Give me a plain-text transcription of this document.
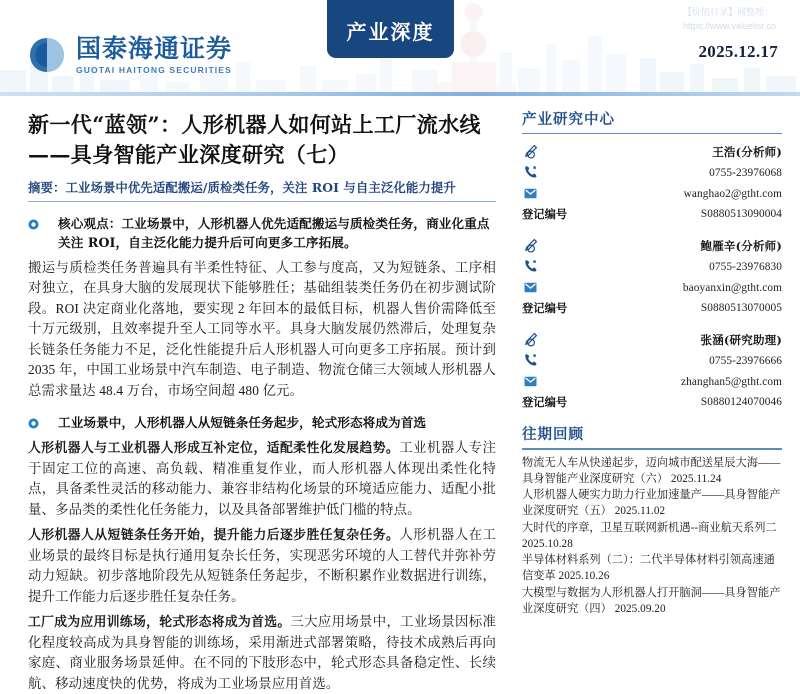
【价值目录】网整理：
https://www.valuelist.cn
国泰海通证券
GUOTAI HAITONG SECURITIES
产业深度
2025.12.17
新一代“蓝领”：人形机器人如何站上工厂流水线——具身智能产业深度研究（七）
摘要：工业场景中优先适配搬运/质检类任务，关注 ROI 与自主泛化能力提升
核心观点：工业场景中，人形机器人优先适配搬运与质检类任务，商业化重点关注 ROI，自主泛化能力提升后可向更多工序拓展。
搬运与质检类任务普遍具有半柔性特征、人工参与度高，又为短链条、工序相对独立，在具身大脑的发展现状下能够胜任；基础组装类任务仍在初步测试阶段。ROI 决定商业化落地，要实现 2 年回本的最低目标，机器人售价需降低至十万元级别，且效率提升至人工同等水平。具身大脑发展仍然滞后，处理复杂长链条任务能力不足，泛化性能提升后人形机器人可向更多工序拓展。预计到 2035 年，中国工业场景中汽车制造、电子制造、物流仓储三大领域人形机器人总需求量达 48.4 万台，市场空间超 480 亿元。
工业场景中，人形机器人从短链条任务起步，轮式形态将成为首选
人形机器人与工业机器人形成互补定位，适配柔性化发展趋势。工业机器人专注于固定工位的高速、高负载、精准重复作业，而人形机器人体现出柔性化特点，具备柔性灵活的移动能力、兼容非结构化场景的环境适应能力、适配小批量、多品类的柔性化任务能力，以及具备部署维护低门槛的特点。
人形机器人从短链条任务开始，提升能力后逐步胜任复杂任务。人形机器人在工业场景的最终目标是执行通用复杂长任务，实现恶劣环境的人工替代并弥补劳动力短缺。初步落地阶段先从短链条任务起步，不断积累作业数据进行训练，提升工作能力后逐步胜任复杂任务。
工厂成为应用训练场，轮式形态将成为首选。三大应用场景中，工业场景因标准化程度较高成为具身智能的训练场，采用渐进式部署策略，待技术成熟后再向家庭、商业服务场景延伸。在不同的下肢形态中，轮式形态具备稳定性、长续航、移动速度快的优势，将成为工业场景应用首选。
产业研究中心
王浩(分析师)
0755-23976068
wanghao2@gtht.com
登记编号	S0880513090004
鲍雁辛(分析师)
0755-23976830
baoyanxin@gtht.com
登记编号	S0880513070005
张涵(研究助理)
0755-23976666
zhanghan5@gtht.com
登记编号	S0880124070046
往期回顾
物流无人车从快递起步，迈向城市配送星辰大海——具身智能产业深度研究（六） 2025.11.24
人形机器人硬实力助力行业加速量产——具身智能产业深度研究（五） 2025.11.02
大时代的序章，卫星互联网新机遇--商业航天系列二 2025.10.28
半导体材料系列（二）：二代半导体材料引领高速通信变革 2025.10.26
大模型与数据为人形机器人打开脑洞——具身智能产业深度研究（四） 2025.09.20
